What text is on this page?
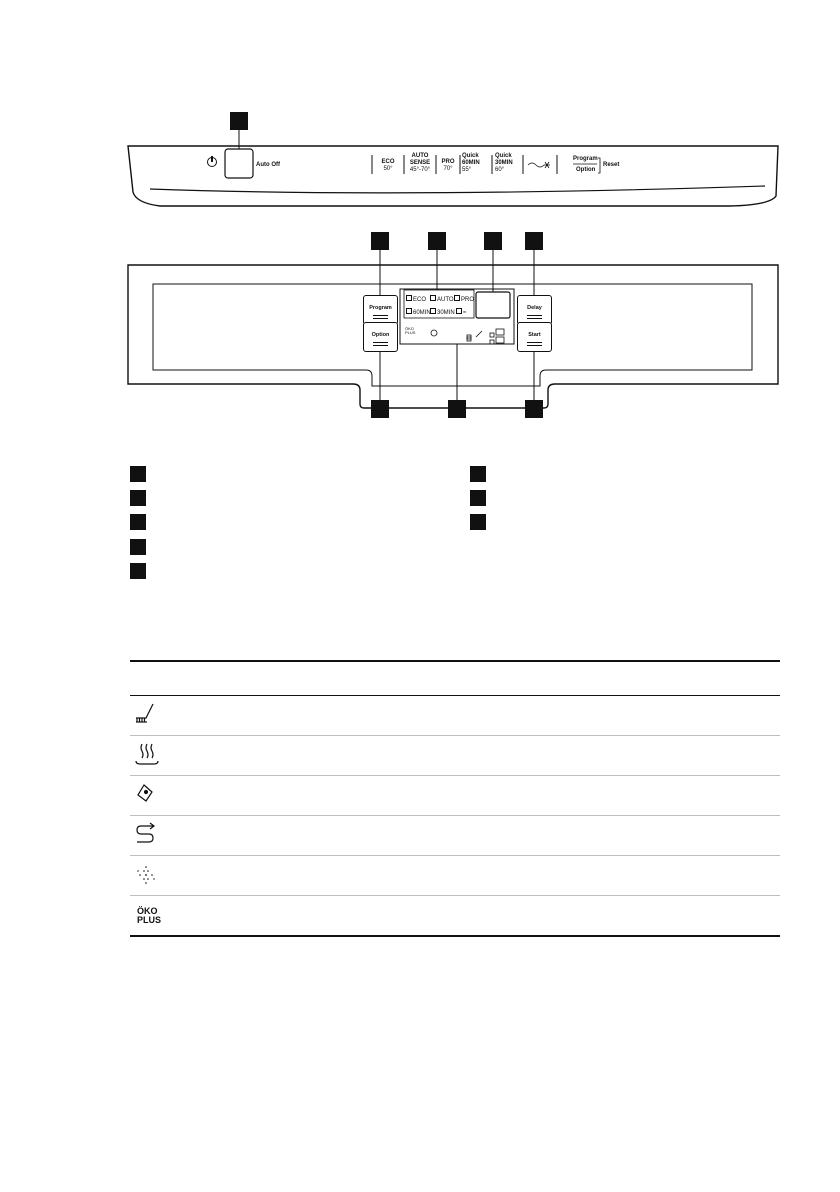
Auto Off	ECO
50°
AUTO
SENSE
45°-70°
PRO
70°
Quick
60MIN
55°
Quick
30MIN
60°
Program
Option
Reset
Program
Option
Delay
Start
ECO	AUTO	PRO
60MIN	30MIN	≈
ÖKO PLUS

ÖKO
PLUS
